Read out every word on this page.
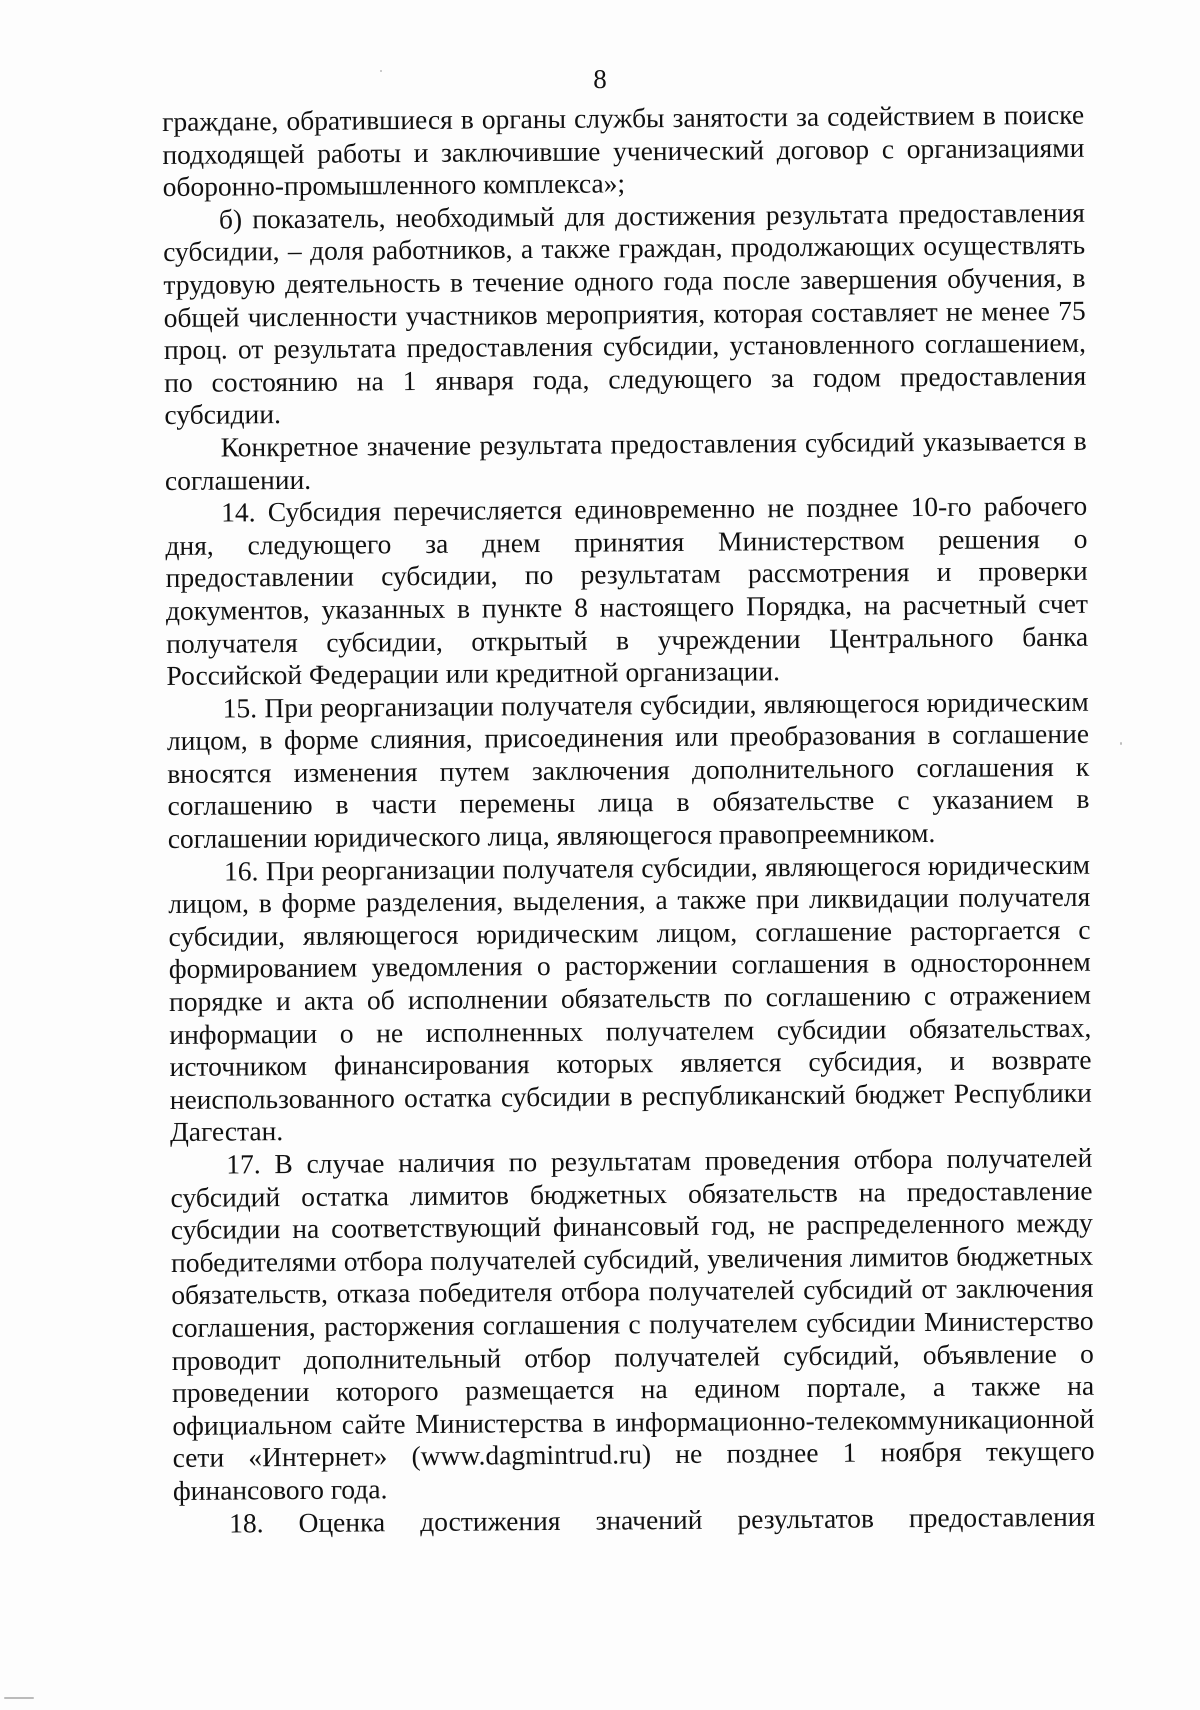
8

граждане, обратившиеся в органы службы занятости за содействием в поиске подходящей работы и заключившие ученический договор с организациями оборонно-промышленного комплекса»;

б) показатель, необходимый для достижения результата предоставления субсидии, – доля работников, а также граждан, продолжающих осуществлять трудовую деятельность в течение одного года после завершения обучения, в общей численности участников мероприятия, которая составляет не менее 75 проц. от результата предоставления субсидии, установленного соглашением, по состоянию на 1 января года, следующего за годом предоставления субсидии.

Конкретное значение результата предоставления субсидий указывается в соглашении.

14. Субсидия перечисляется единовременно не позднее 10-го рабочего дня, следующего за днем принятия Министерством решения о предоставлении субсидии, по результатам рассмотрения и проверки документов, указанных в пункте 8 настоящего Порядка, на расчетный счет получателя субсидии, открытый в учреждении Центрального банка Российской Федерации или кредитной организации.

15. При реорганизации получателя субсидии, являющегося юридическим лицом, в форме слияния, присоединения или преобразования в соглашение вносятся изменения путем заключения дополнительного соглашения к соглашению в части перемены лица в обязательстве с указанием в соглашении юридического лица, являющегося правопреемником.

16. При реорганизации получателя субсидии, являющегося юридическим лицом, в форме разделения, выделения, а также при ликвидации получателя субсидии, являющегося юридическим лицом, соглашение расторгается с формированием уведомления о расторжении соглашения в одностороннем порядке и акта об исполнении обязательств по соглашению с отражением информации о не исполненных получателем субсидии обязательствах, источником финансирования которых является субсидия, и возврате неиспользованного остатка субсидии в республиканский бюджет Республики Дагестан.

17. В случае наличия по результатам проведения отбора получателей субсидий остатка лимитов бюджетных обязательств на предоставление субсидии на соответствующий финансовый год, не распределенного между победителями отбора получателей субсидий, увеличения лимитов бюджетных обязательств, отказа победителя отбора получателей субсидий от заключения соглашения, расторжения соглашения с получателем субсидии Министерство проводит дополнительный отбор получателей субсидий, объявление о проведении которого размещается на едином портале, а также на официальном сайте Министерства в информационно-телекоммуникационной сети «Интернет» (www.dagmintrud.ru) не позднее 1 ноября текущего финансового года.

18. Оценка достижения значений результатов предоставления
